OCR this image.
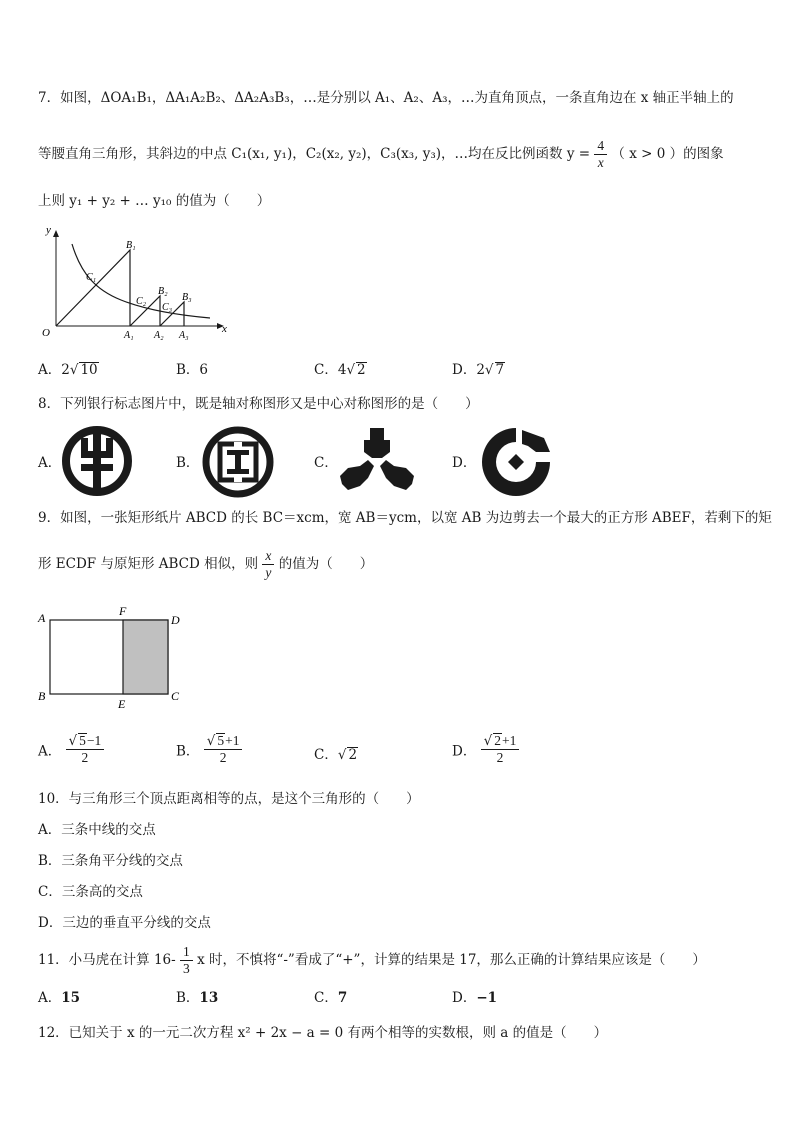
7．如图，ΔOA₁B₁，ΔA₁A₂B₂、ΔA₂A₃B₃，…是分别以 A₁、A₂、A₃，…为直角顶点，一条直角边在 x 轴正半轴上的
等腰直角三角形，其斜边的中点 C₁(x₁, y₁)，C₂(x₂, y₂)，C₃(x₃, y₃)，…均在反比例函数 $y = \frac{4}{x}$ （ x > 0 ）的图象
上则 y₁ + y₂ + … y₁₀ 的值为（　　）
y
x
O
B₁
C₁
B₂
C₂
C₃
B₃
A₁ A₂ A₃
A．2√ 10	B．6	C．4√ 2	D．2√ 7
8．下列银行标志图片中，既是轴对称图形又是中心对称图形的是（　　）
A．	B．	C．	D．
9．如图，一张矩形纸片 ABCD 的长 BC＝xcm，宽 AB＝ycm，以宽 AB 为边剪去一个最大的正方形 ABEF，若剩下的矩
形 ECDF 与原矩形 ABCD 相似，则 $\frac{x}{y}$ 的值为（　　）
A	F
D
B
E
C
A． $\frac{√ 5-1}{2}$	B． $\frac{√ 5+1}{2}$	C．√ 2	D． $\frac{√ 2+1}{2}$
10．与三角形三个顶点距离相等的点，是这个三角形的（　　）
A．三条中线的交点
B．三条角平分线的交点
C．三条高的交点
D．三边的垂直平分线的交点
11．小马虎在计算 $16- \frac{1}{3}$ x 时，不慎将“-”看成了“+”，计算的结果是 17，那么正确的计算结果应该是（　　）
A．15	B．13	C．7	D．−1
12．已知关于 x 的一元二次方程 x² + 2x − a = 0 有两个相等的实数根，则 a 的值是（　　）
